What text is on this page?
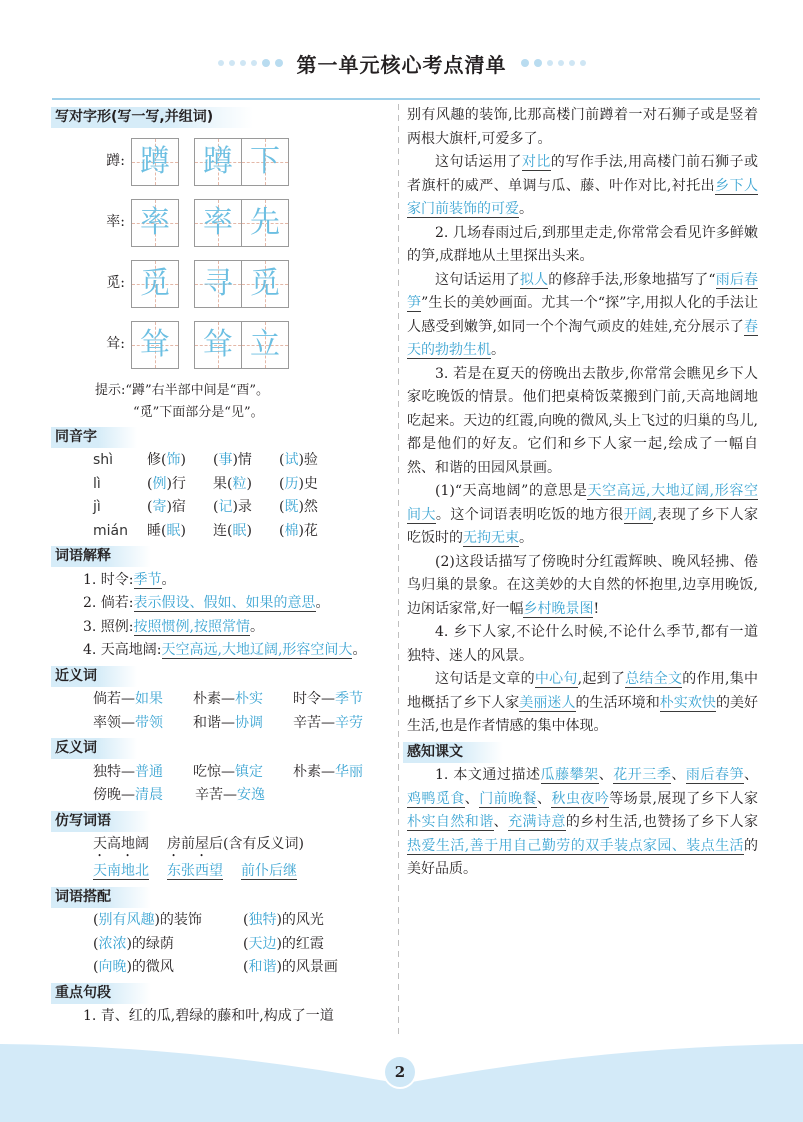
第一单元核心考点清单
写对字形(写一写,并组词)
蹲: 蹲 蹲 下
率: 率 率 先
觅: 觅 寻 觅
耸: 耸 耸 立
提示:“蹲”右半部中间是“酉”。
“觅”下面部分是“见”。
同音字
shì	修(饰)	(事)情	(试)验
lì	(例)行	果(粒)	(历)史
jì	(寄)宿	(记)录	(既)然
mián	睡(眠)	连(眠)	(棉)花
词语解释

1. 时令:季节。

2. 倘若:表示假设、假如、如果的意思。

3. 照例:按照惯例,按照常情。

4. 天高地阔:天空高远,大地辽阔,形容空间大。

近义词
倘若—如果	朴素—朴实	时令—季节
率领—带领	和谐—协调	辛苦—辛劳
反义词
独特—普通	吃惊—镇定	朴素—华丽
傍晚—清晨	辛苦—安逸
仿写词语
天高地阔 房前屋后(含有反义词)
天南地北 东张西望 前仆后继
词语搭配
(别有风趣)的装饰	(独特)的风光
(浓浓)的绿荫	(天边)的红霞
(向晚)的微风	(和谐)的风景画
重点句段

1. 青、红的瓜,碧绿的藤和叶,构成了一道

别有风趣的装饰,比那高楼门前蹲着一对石狮子或是竖着两根大旗杆,可爱多了。

这句话运用了对比的写作手法,用高楼门前石狮子或者旗杆的威严、单调与瓜、藤、叶作对比,衬托出乡下人家门前装饰的可爱。

2. 几场春雨过后,到那里走走,你常常会看见许多鲜嫩的笋,成群地从土里探出头来。

这句话运用了拟人的修辞手法,形象地描写了“雨后春笋”生长的美妙画面。尤其一个“探”字,用拟人化的手法让人感受到嫩笋,如同一个个淘气顽皮的娃娃,充分展示了春天的勃勃生机。

3. 若是在夏天的傍晚出去散步,你常常会瞧见乡下人家吃晚饭的情景。他们把桌椅饭菜搬到门前,天高地阔地吃起来。天边的红霞,向晚的微风,头上飞过的归巢的鸟儿,都是他们的好友。它们和乡下人家一起,绘成了一幅自然、和谐的田园风景画。

(1)“天高地阔”的意思是天空高远,大地辽阔,形容空间大。这个词语表明吃饭的地方很开阔,表现了乡下人家吃饭时的无拘无束。

(2)这段话描写了傍晚时分红霞辉映、晚风轻拂、倦鸟归巢的景象。在这美妙的大自然的怀抱里,边享用晚饭,边闲话家常,好一幅乡村晚景图!

4. 乡下人家,不论什么时候,不论什么季节,都有一道独特、迷人的风景。

这句话是文章的中心句,起到了总结全文的作用,集中地概括了乡下人家美丽迷人的生活环境和朴实欢快的美好生活,也是作者情感的集中体现。

感知课文

1. 本文通过描述瓜藤攀架、花开三季、雨后春笋、鸡鸭觅食、门前晚餐、秋虫夜吟等场景,展现了乡下人家朴实自然和谐、充满诗意的乡村生活,也赞扬了乡下人家热爱生活,善于用自己勤劳的双手装点家园、装点生活的美好品质。

2
